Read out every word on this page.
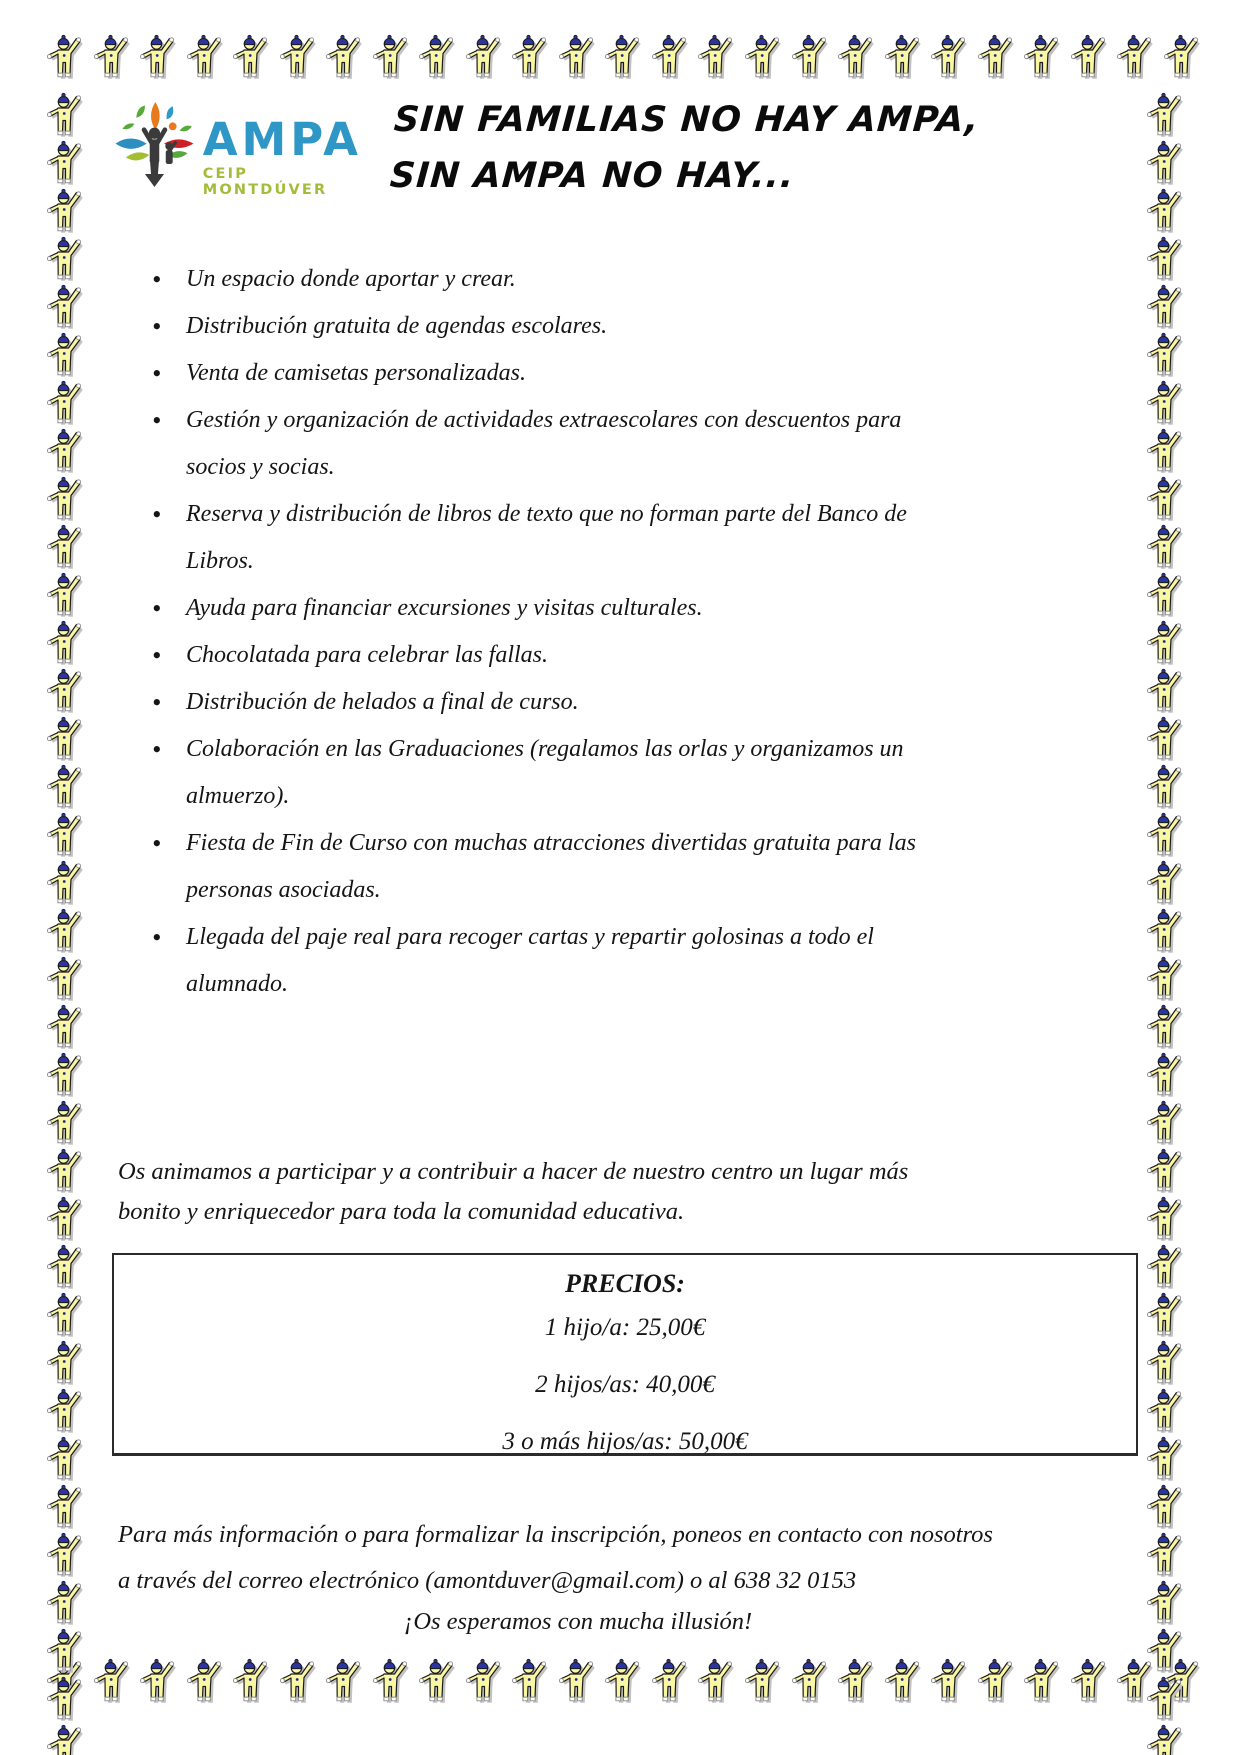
AMPA
CEIP MONTDÚVER
SIN FAMILIAS NO HAY AMPA,
SIN AMPA NO HAY...
• Un espacio donde aportar y crear.
• Distribución gratuita de agendas escolares.
• Venta de camisetas personalizadas.
• Gestión y organización de actividades extraescolares con descuentos para socios y socias.
• Reserva y distribución de libros de texto que no forman parte del Banco de Libros.
• Ayuda para financiar excursiones y visitas culturales.
• Chocolatada para celebrar las fallas.
• Distribución de helados a final de curso.
• Colaboración en las Graduaciones (regalamos las orlas y organizamos un almuerzo).
• Fiesta de Fin de Curso con muchas atracciones divertidas gratuita para las personas asociadas.
• Llegada del paje real para recoger cartas y repartir golosinas a todo el alumnado.

Os animamos a participar y a contribuir a hacer de nuestro centro un lugar más bonito y enriquecedor para toda la comunidad educativa.

PRECIOS:
1 hijo/a: 25,00€
2 hijos/as: 40,00€
3 o más hijos/as: 50,00€

Para más información o para formalizar la inscripción, poneos en contacto con nosotros a través del correo electrónico (amontduver@gmail.com) o al 638 32 0153

¡Os esperamos con mucha illusión!
